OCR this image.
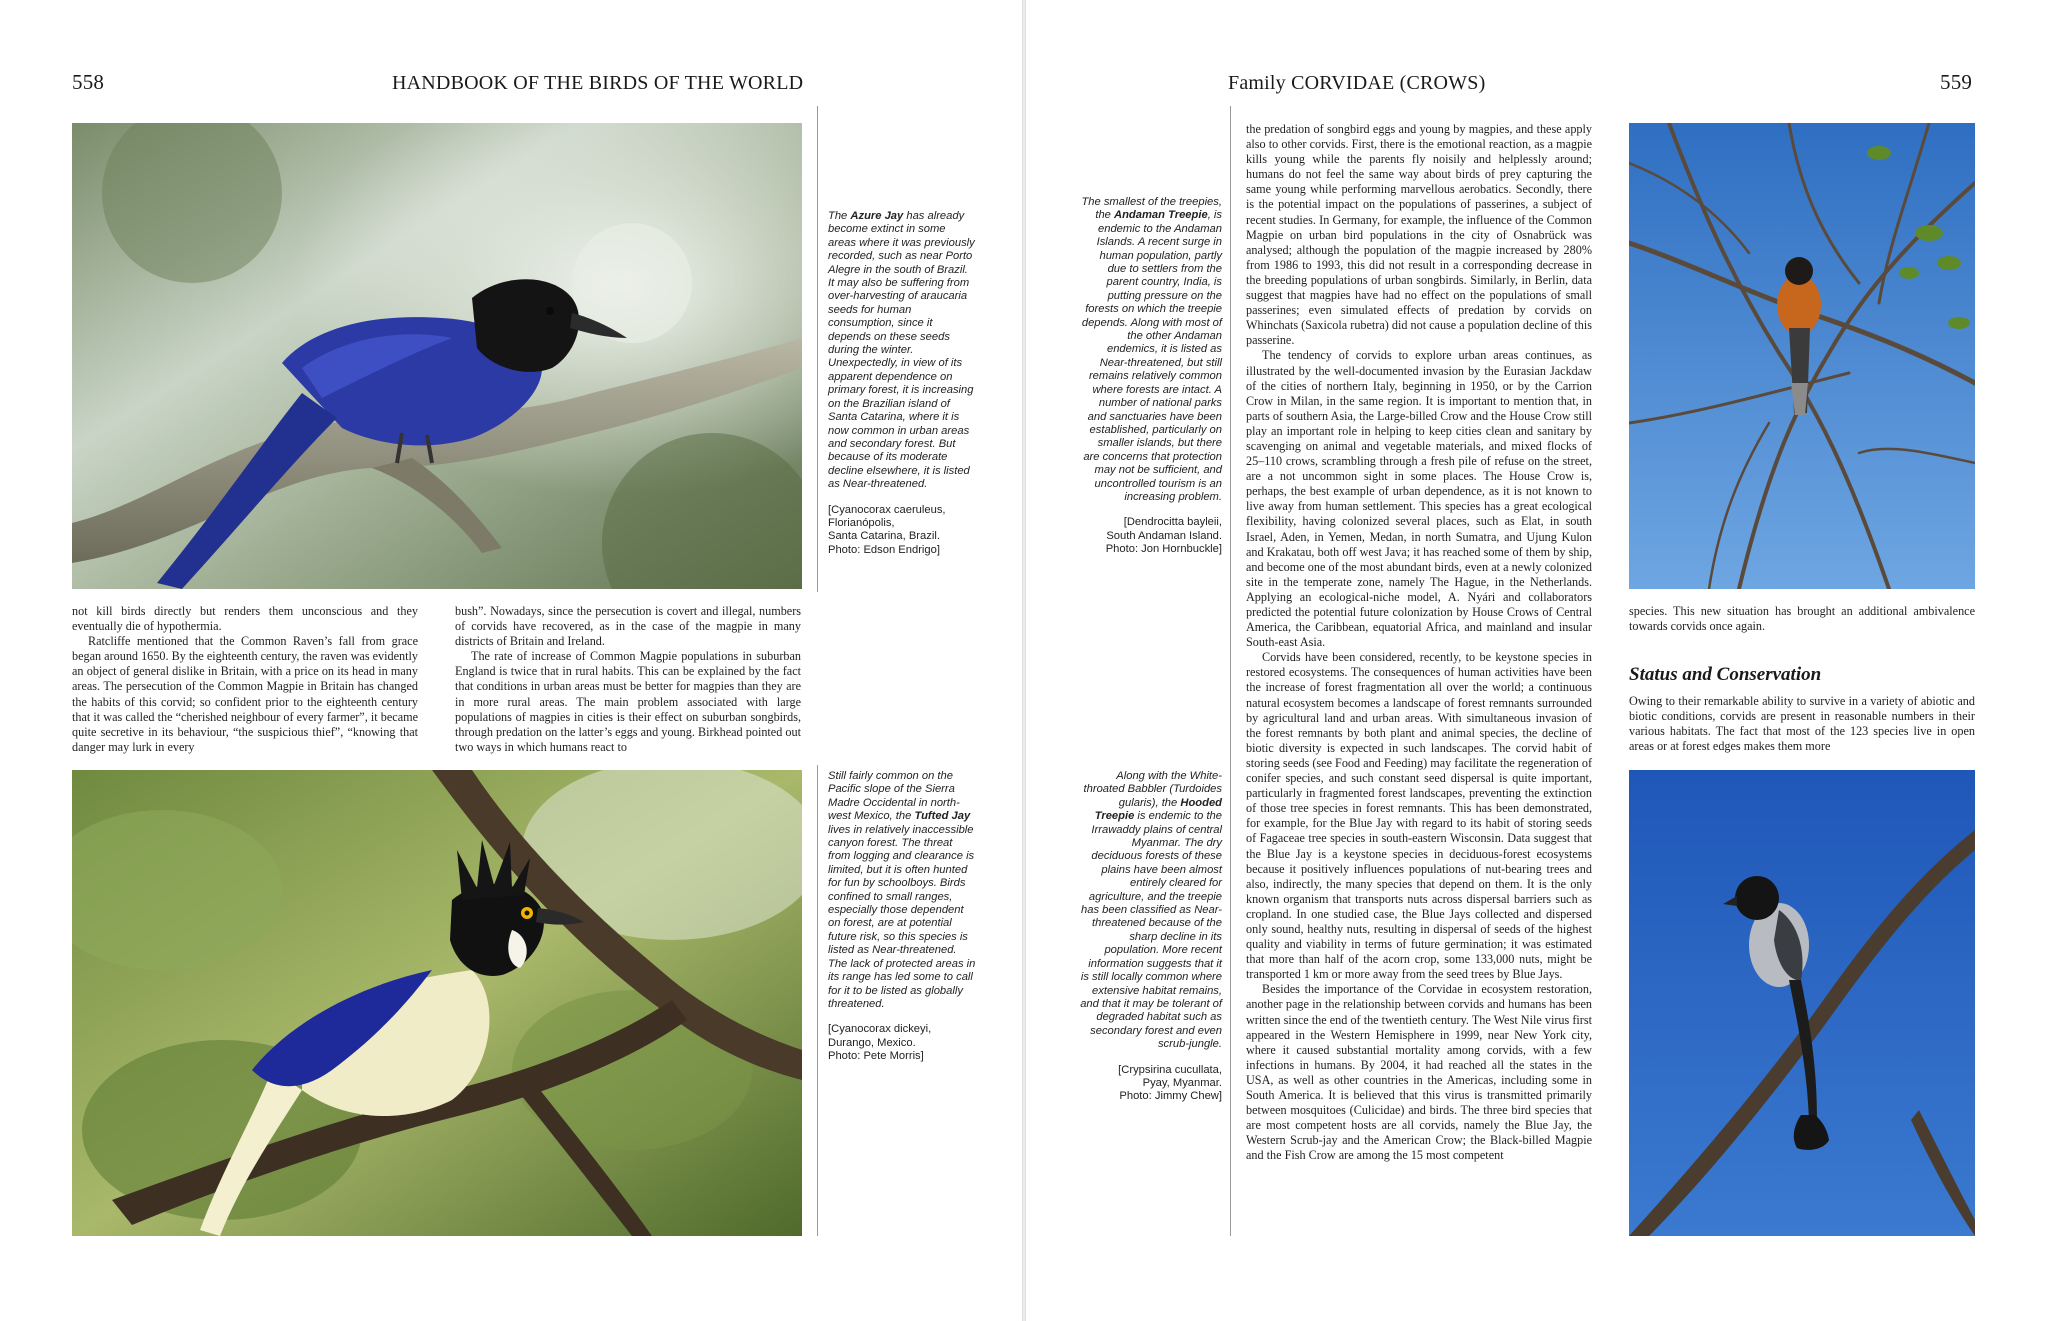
558	HANDBOOK OF THE BIRDS OF THE WORLD
The Azure Jay has already become extinct in some areas where it was previously recorded, such as near Porto Alegre in the south of Brazil. It may also be suffering from over-harvesting of araucaria seeds for human consumption, since it depends on these seeds during the winter. Unexpectedly, in view of its apparent dependence on primary forest, it is increasing on the Brazilian island of Santa Catarina, where it is now common in urban areas and secondary forest. But because of its moderate decline elsewhere, it is listed as Near-threatened.
[Cyanocorax caeruleus,
Florianópolis,
Santa Catarina, Brazil.
Photo: Edson Endrigo]

not kill birds directly but renders them unconscious and they eventually die of hypothermia.

Ratcliffe mentioned that the Common Raven’s fall from grace began around 1650. By the eighteenth century, the raven was evidently an object of general dislike in Britain, with a price on its head in many areas. The persecution of the Common Magpie in Britain has changed the habits of this corvid; so confident prior to the eighteenth century that it was called the “cherished neighbour of every farmer”, it became quite secretive in its behaviour, “the suspicious thief”, “knowing that danger may lurk in every

bush”. Nowadays, since the persecution is covert and illegal, numbers of corvids have recovered, as in the case of the magpie in many districts of Britain and Ireland.

The rate of increase of Common Magpie populations in suburban England is twice that in rural habits. This can be explained by the fact that conditions in urban areas must be better for magpies than they are in more rural areas. The main problem associated with large populations of magpies in cities is their effect on suburban songbirds, through predation on the latter’s eggs and young. Birkhead pointed out two ways in which humans react to

Still fairly common on the Pacific slope of the Sierra Madre Occidental in north-west Mexico, the Tufted Jay lives in relatively inaccessible canyon forest. The threat from logging and clearance is limited, but it is often hunted for fun by schoolboys. Birds confined to small ranges, especially those dependent on forest, are at potential future risk, so this species is listed as Near-threatened. The lack of protected areas in its range has led some to call for it to be listed as globally threatened.
[Cyanocorax dickeyi,
Durango, Mexico.
Photo: Pete Morris]
Family CORVIDAE (CROWS)	559
The smallest of the treepies, the Andaman Treepie, is endemic to the Andaman Islands. A recent surge in human population, partly due to settlers from the parent country, India, is putting pressure on the forests on which the treepie depends. Along with most of the other Andaman endemics, it is listed as Near-threatened, but still remains relatively common where forests are intact. A number of national parks and sanctuaries have been established, particularly on smaller islands, but there are concerns that protection may not be sufficient, and uncontrolled tourism is an increasing problem.
[Dendrocitta bayleii,
South Andaman Island.
Photo: Jon Hornbuckle]
Along with the White-throated Babbler (Turdoides gularis), the Hooded Treepie is endemic to the Irrawaddy plains of central Myanmar. The dry deciduous forests of these plains have been almost entirely cleared for agriculture, and the treepie has been classified as Near-threatened because of the sharp decline in its population. More recent information suggests that it is still locally common where extensive habitat remains, and that it may be tolerant of degraded habitat such as secondary forest and even scrub-jungle.
[Crypsirina cucullata,
Pyay, Myanmar.
Photo: Jimmy Chew]

the predation of songbird eggs and young by magpies, and these apply also to other corvids. First, there is the emotional reaction, as a magpie kills young while the parents fly noisily and helplessly around; humans do not feel the same way about birds of prey capturing the same young while performing marvellous aerobatics. Secondly, there is the potential impact on the populations of passerines, a subject of recent studies. In Germany, for example, the influence of the Common Magpie on urban bird populations in the city of Osnabrück was analysed; although the population of the magpie increased by 280% from 1986 to 1993, this did not result in a corresponding decrease in the breeding populations of urban songbirds. Similarly, in Berlin, data suggest that magpies have had no effect on the populations of small passerines; even simulated effects of predation by corvids on Whinchats (Saxicola rubetra) did not cause a population decline of this passerine.

The tendency of corvids to explore urban areas continues, as illustrated by the well-documented invasion by the Eurasian Jackdaw of the cities of northern Italy, beginning in 1950, or by the Carrion Crow in Milan, in the same region. It is important to mention that, in parts of southern Asia, the Large-billed Crow and the House Crow still play an important role in helping to keep cities clean and sanitary by scavenging on animal and vegetable materials, and mixed flocks of 25–110 crows, scrambling through a fresh pile of refuse on the street, are a not uncommon sight in some places. The House Crow is, perhaps, the best example of urban dependence, as it is not known to live away from human settlement. This species has a great ecological flexibility, having colonized several places, such as Elat, in south Israel, Aden, in Yemen, Medan, in north Sumatra, and Ujung Kulon and Krakatau, both off west Java; it has reached some of them by ship, and become one of the most abundant birds, even at a newly colonized site in the temperate zone, namely The Hague, in the Netherlands. Applying an ecological-niche model, A. Nyári and collaborators predicted the potential future colonization by House Crows of Central America, the Caribbean, equatorial Africa, and mainland and insular South-east Asia.

Corvids have been considered, recently, to be keystone species in restored ecosystems. The consequences of human activities have been the increase of forest fragmentation all over the world; a continuous natural ecosystem becomes a landscape of forest remnants surrounded by agricultural land and urban areas. With simultaneous invasion of the forest remnants by both plant and animal species, the decline of biotic diversity is expected in such landscapes. The corvid habit of storing seeds (see Food and Feeding) may facilitate the regeneration of conifer species, and such constant seed dispersal is quite important, particularly in fragmented forest landscapes, preventing the extinction of those tree species in forest remnants. This has been demonstrated, for example, for the Blue Jay with regard to its habit of storing seeds of Fagaceae tree species in south-eastern Wisconsin. Data suggest that the Blue Jay is a keystone species in deciduous-forest ecosystems because it positively influences populations of nut-bearing trees and also, indirectly, the many species that depend on them. It is the only known organism that transports nuts across dispersal barriers such as cropland. In one studied case, the Blue Jays collected and dispersed only sound, healthy nuts, resulting in dispersal of seeds of the highest quality and viability in terms of future germination; it was estimated that more than half of the acorn crop, some 133,000 nuts, might be transported 1 km or more away from the seed trees by Blue Jays.

Besides the importance of the Corvidae in ecosystem restoration, another page in the relationship between corvids and humans has been written since the end of the twentieth century. The West Nile virus first appeared in the Western Hemisphere in 1999, near New York city, where it caused substantial mortality among corvids, with a few infections in humans. By 2004, it had reached all the states in the USA, as well as other countries in the Americas, including some in South America. It is believed that this virus is transmitted primarily between mosquitoes (Culicidae) and birds. The three bird species that are most competent hosts are all corvids, namely the Blue Jay, the Western Scrub-jay and the American Crow; the Black-billed Magpie and the Fish Crow are among the 15 most competent

species. This new situation has brought an additional ambivalence towards corvids once again.

Status and Conservation

Owing to their remarkable ability to survive in a variety of abiotic and biotic conditions, corvids are present in reasonable numbers in their various habitats. The fact that most of the 123 species live in open areas or at forest edges makes them more
